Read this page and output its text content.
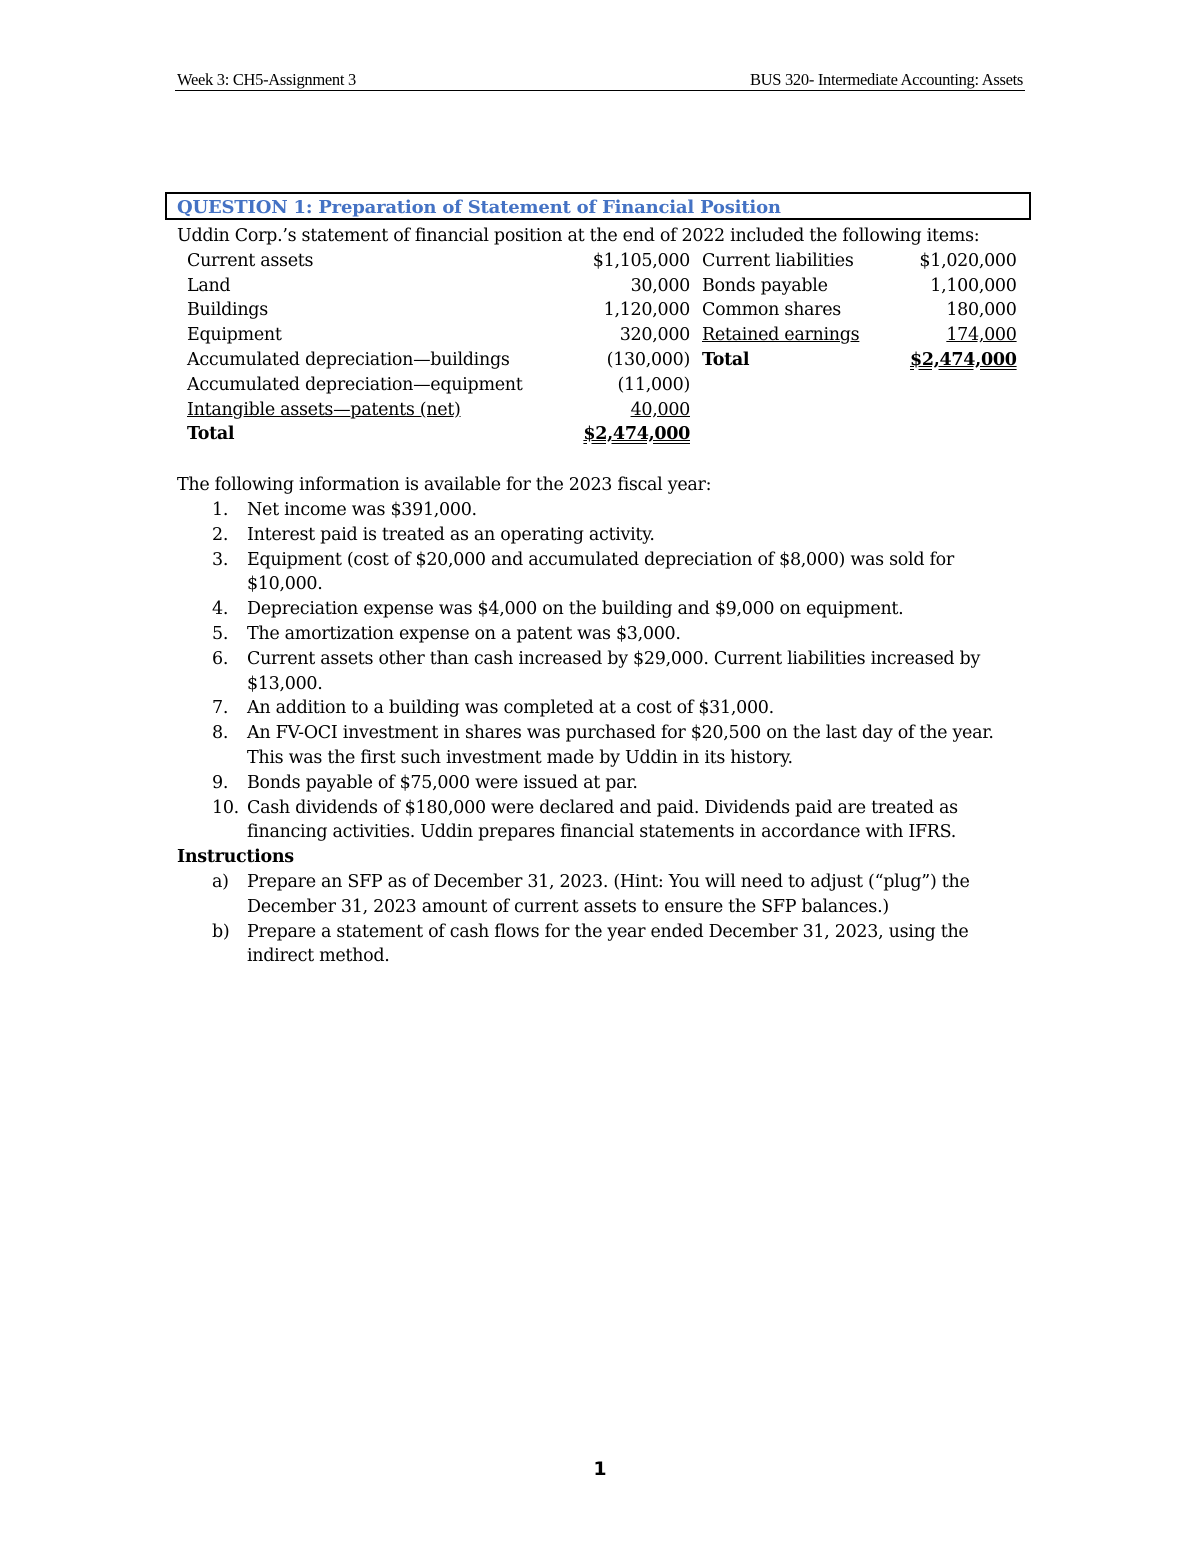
Week 3: CH5-Assignment 3	BUS 320- Intermediate Accounting: Assets
QUESTION 1: Preparation of Statement of Financial Position

Uddin Corp.’s statement of financial position at the end of 2022 included the following items:

Current assets	$1,105,000	Current liabilities	$1,020,000
Land	30,000	Bonds payable	1,100,000
Buildings	1,120,000	Common shares	180,000
Equipment	320,000	Retained earnings	174,000
Accumulated depreciation—buildings	(130,000)	Total	$2,474,000
Accumulated depreciation—equipment	(11,000)		
Intangible assets—patents (net)	40,000		
Total	$2,474,000		

The following information is available for the 2023 fiscal year:

1. Net income was $391,000.
2. Interest paid is treated as an operating activity.
3. Equipment (cost of $20,000 and accumulated depreciation of $8,000) was sold for $10,000.
4. Depreciation expense was $4,000 on the building and $9,000 on equipment.
5. The amortization expense on a patent was $3,000.
6. Current assets other than cash increased by $29,000. Current liabilities increased by $13,000.
7. An addition to a building was completed at a cost of $31,000.
8. An FV-OCI investment in shares was purchased for $20,500 on the last day of the year. This was the first such investment made by Uddin in its history.
9. Bonds payable of $75,000 were issued at par.
10. Cash dividends of $180,000 were declared and paid. Dividends paid are treated as financing activities. Uddin prepares financial statements in accordance with IFRS.
Instructions
a) Prepare an SFP as of December 31, 2023. (Hint: You will need to adjust (“plug”) the December 31, 2023 amount of current assets to ensure the SFP balances.)
b) Prepare a statement of cash flows for the year ended December 31, 2023, using the indirect method.
1
